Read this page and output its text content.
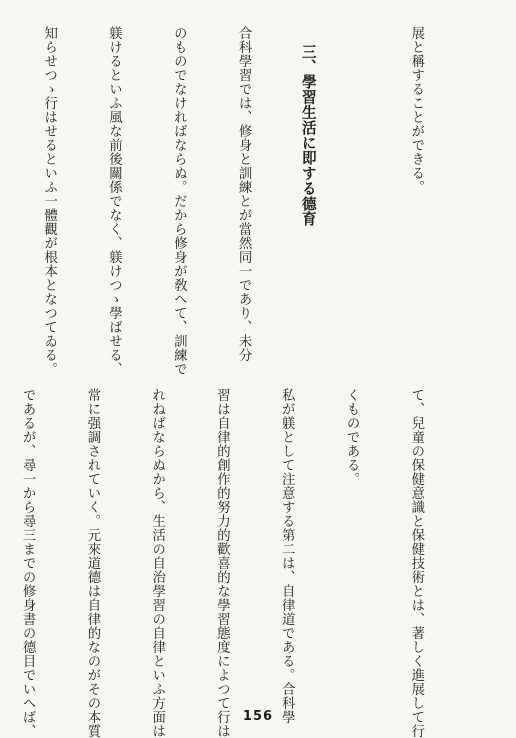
展と稱することができる。

三、學習生活に即する德育

合科學習では、修身と訓練とが當然同一であり、未分

のものでなければならぬ。だから修身が敎へて、訓練で

躾けるといふ風な前後關係でなく、躾けつゝ學ばせる、

知らせつゝ行はせるといふ一體觀が根本となつてゐる。

て、兒童の保健意識と保健技術とは、著しく進展して行

くものである。

私が躾として注意する第二は、自律道である。合科學

習は自律的創作的努力的歡喜的な學習態度によつて行は

れねばならぬから、生活の自治學習の自律といふ方面は

常に强調されていく。元來道德は自律的なのがその本質

であるが、尋一から尋三までの修身書の德目でいへば、

	156
